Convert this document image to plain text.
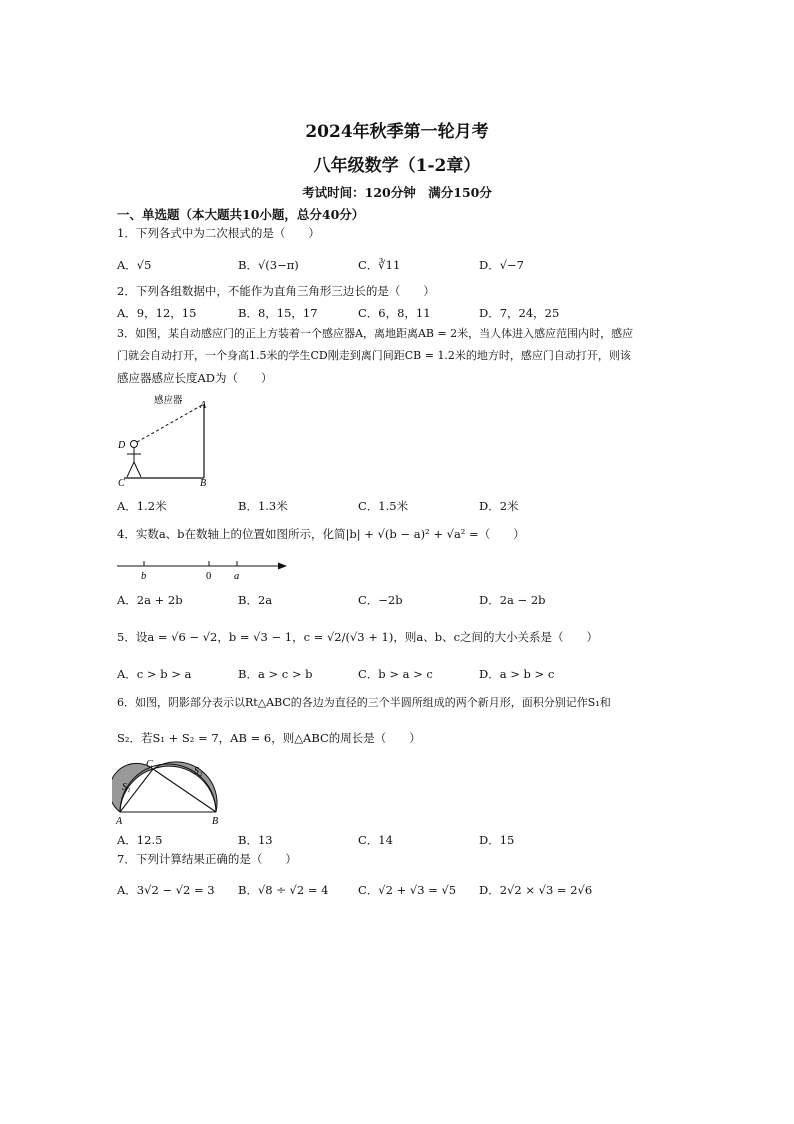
2024年秋季第一轮月考
八年级数学（1-2章）
考试时间：120分钟　满分150分
一、单选题（本大题共10小题，总分40分）
1．下列各式中为二次根式的是（　　）
A．√5	B．√(3−π)	C．∛11	D．√−7
2．下列各组数据中，不能作为直角三角形三边长的是（　　）
A．9，12，15	B．8，15，17	C．6，8，11	D．7，24，25
3．如图，某自动感应门的正上方装着一个感应器A，离地距离AB = 2米，当人体进入感应范围内时，感应
门就会自动打开，一个身高1.5米的学生CD刚走到离门间距CB = 1.2米的地方时，感应门自动打开，则该
感应器感应长度AD为（　　）
感应器 A
B
C
D
A．1.2米	B．1.3米	C．1.5米	D．2米
4．实数a、b在数轴上的位置如图所示，化简|b| + √(b − a)² + √a² =（　　）
b	0 a
A．2a + 2b	B．2a	C．−2b	D．2a − 2b
5．设a = √6 − √2，b = √3 − 1，c = √2/(√3 + 1)，则a、b、c之间的大小关系是（　　）
A．c > b > a	B．a > c > b	C．b > a > c	D．a > b > c
6．如图，阴影部分表示以Rt△ABC的各边为直径的三个半圆所组成的两个新月形，面积分别记作S₁和
S₂．若S₁ + S₂ = 7，AB = 6，则△ABC的周长是（　　）
A	B
C
S₁
S₂
A．12.5	B．13	C．14	D．15
7．下列计算结果正确的是（　　）
A．3√2 − √2 = 3 B．√8 ÷ √2 = 4	C．√2 + √3 = √5 D．2√2 × √3 = 2√6
